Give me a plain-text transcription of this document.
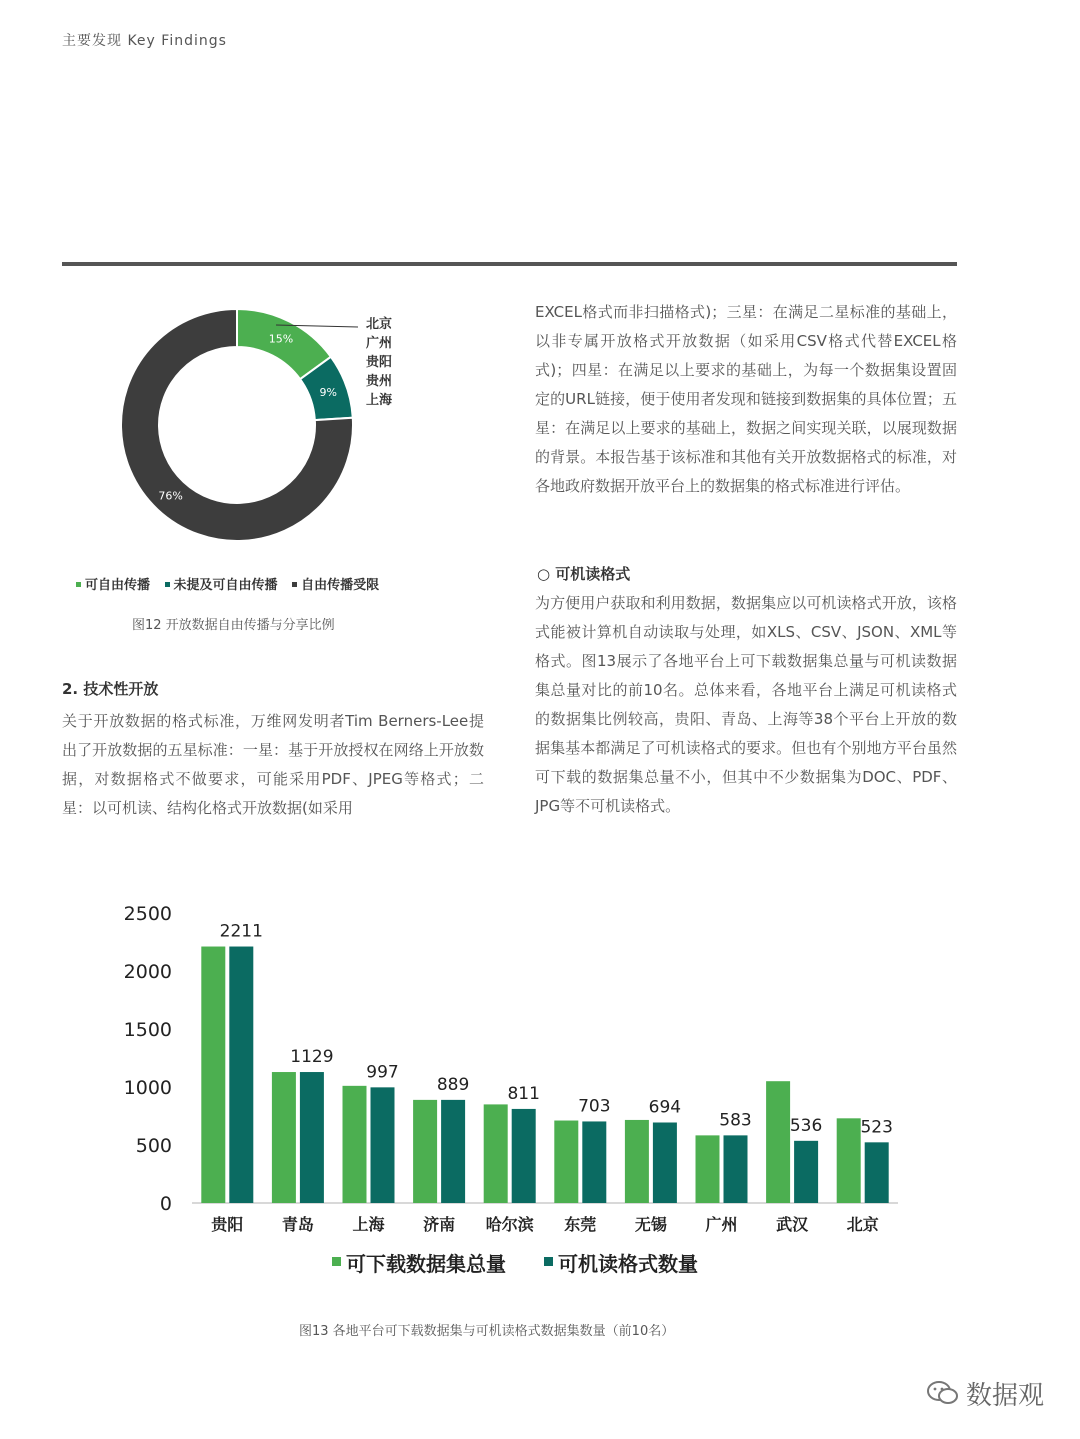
主要发现 Key Findings
15%
9%
76%
北京
广州
贵阳
贵州
上海
可自由传播 未提及可自由传播 自由传播受限
图12 开放数据自由传播与分享比例
2. 技术性开放
关于开放数据的格式标准，万维网发明者Tim Berners-Lee提出了开放数据的五星标准：一星：基于开放授权在网络上开放数据，对数据格式不做要求，可能采用PDF、JPEG等格式；二星：以可机读、结构化格式开放数据(如采用
EXCEL格式而非扫描格式)；三星：在满足二星标准的基础上，以非专属开放格式开放数据（如采用CSV格式代替EXCEL格式)；四星：在满足以上要求的基础上，为每一个数据集设置固定的URL链接，便于使用者发现和链接到数据集的具体位置；五星：在满足以上要求的基础上，数据之间实现关联，以展现数据的背景。本报告基于该标准和其他有关开放数据格式的标准，对各地政府数据开放平台上的数据集的格式标准进行评估。
○ 可机读格式
为方便用户获取和利用数据，数据集应以可机读格式开放，该格式能被计算机自动读取与处理，如XLS、CSV、JSON、XML等格式。图13展示了各地平台上可下载数据集总量与可机读数据集总量对比的前10名。总体来看，各地平台上满足可机读格式的数据集比例较高，贵阳、青岛、上海等38个平台上开放的数据集基本都满足了可机读格式的要求。但也有个别地方平台虽然可下载的数据集总量不小，但其中不少数据集为DOC、PDF、JPG等不可机读格式。
0
500
1000
1500
2000
2500
2211
贵阳
1129
青岛
997
上海
889
济南
811
哈尔滨
703
东莞
694
无锡
583
广州
536
武汉
523
北京
可下载数据集总量	可机读格式数量
图13 各地平台可下载数据集与可机读格式数据集数量（前10名）
数据观
